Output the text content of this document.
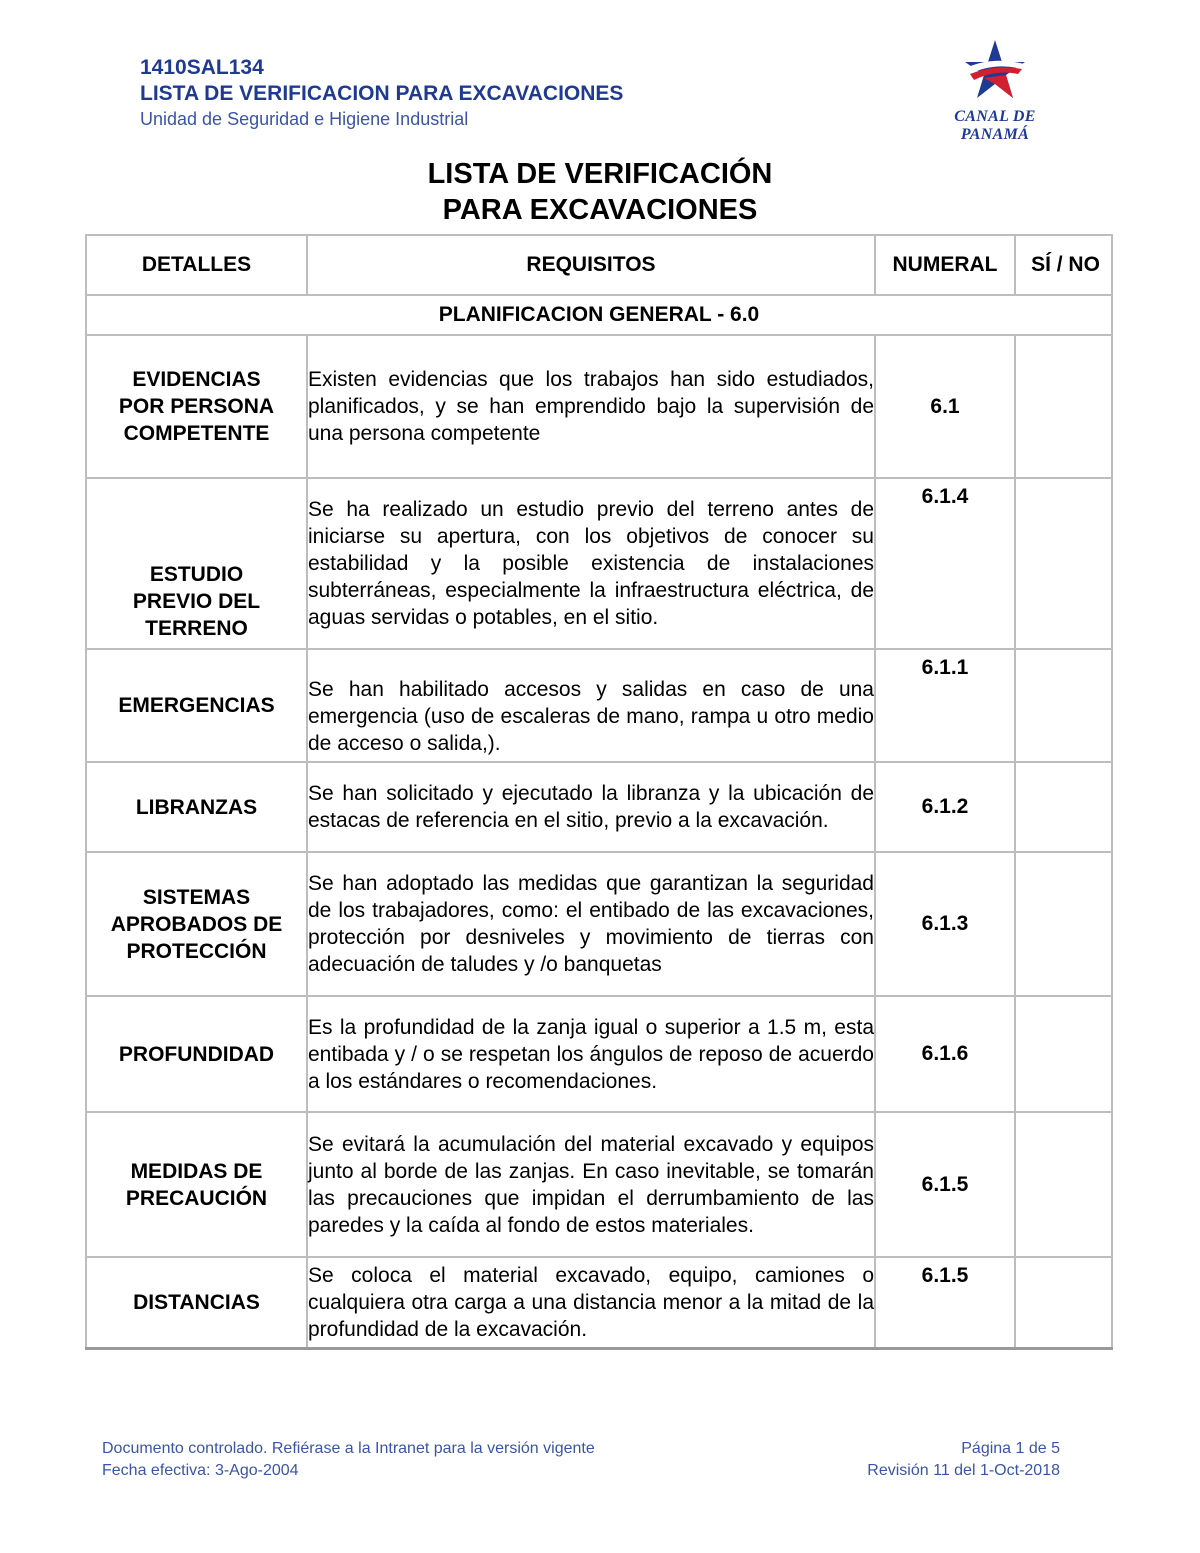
1410SAL134
LISTA DE VERIFICACION PARA EXCAVACIONES
Unidad de Seguridad e Higiene Industrial	CANAL DE PANAMÁ
LISTA DE VERIFICACIÓN
PARA EXCAVACIONES
DETALLES	REQUISITOS	NUMERAL	SÍ / NO
PLANIFICACION GENERAL - 6.0			
EVIDENCIAS POR PERSONA COMPETENTE	Existen evidencias que los trabajos han sido estudiados, planificados, y se han emprendido bajo la supervisión de una persona competente	6.1	
ESTUDIO PREVIO DEL TERRENO	Se ha realizado un estudio previo del terreno antes de iniciarse su apertura, con los objetivos de conocer su estabilidad y la posible existencia de instalaciones subterráneas, especialmente la infraestructura eléctrica, de aguas servidas o potables, en el sitio.	6.1.4	
EMERGENCIAS	Se han habilitado accesos y salidas en caso de una emergencia (uso de escaleras de mano, rampa u otro medio de acceso o salida,).	6.1.1	
LIBRANZAS	Se han solicitado y ejecutado la libranza y la ubicación de estacas de referencia en el sitio, previo a la excavación.	6.1.2	
SISTEMAS APROBADOS DE PROTECCIÓN	Se han adoptado las medidas que garantizan la seguridad de los trabajadores, como: el entibado de las excavaciones, protección por desniveles y movimiento de tierras con adecuación de taludes y /o banquetas	6.1.3	
PROFUNDIDAD	Es la profundidad de la zanja igual o superior a 1.5 m, esta entibada y / o se respetan los ángulos de reposo de acuerdo a los estándares o recomendaciones.	6.1.6	
MEDIDAS DE PRECAUCIÓN	Se evitará la acumulación del material excavado y equipos junto al borde de las zanjas. En caso inevitable, se tomarán las precauciones que impidan el derrumbamiento de las paredes y la caída al fondo de estos materiales.	6.1.5	
DISTANCIAS	Se coloca el material excavado, equipo, camiones o cualquiera otra carga a una distancia menor a la mitad de la profundidad de la excavación.	6.1.5	
Documento controlado. Refiérase a la Intranet para la versión vigente
Fecha efectiva: 3-Ago-2004
Página 1 de 5
Revisión 11 del 1-Oct-2018
